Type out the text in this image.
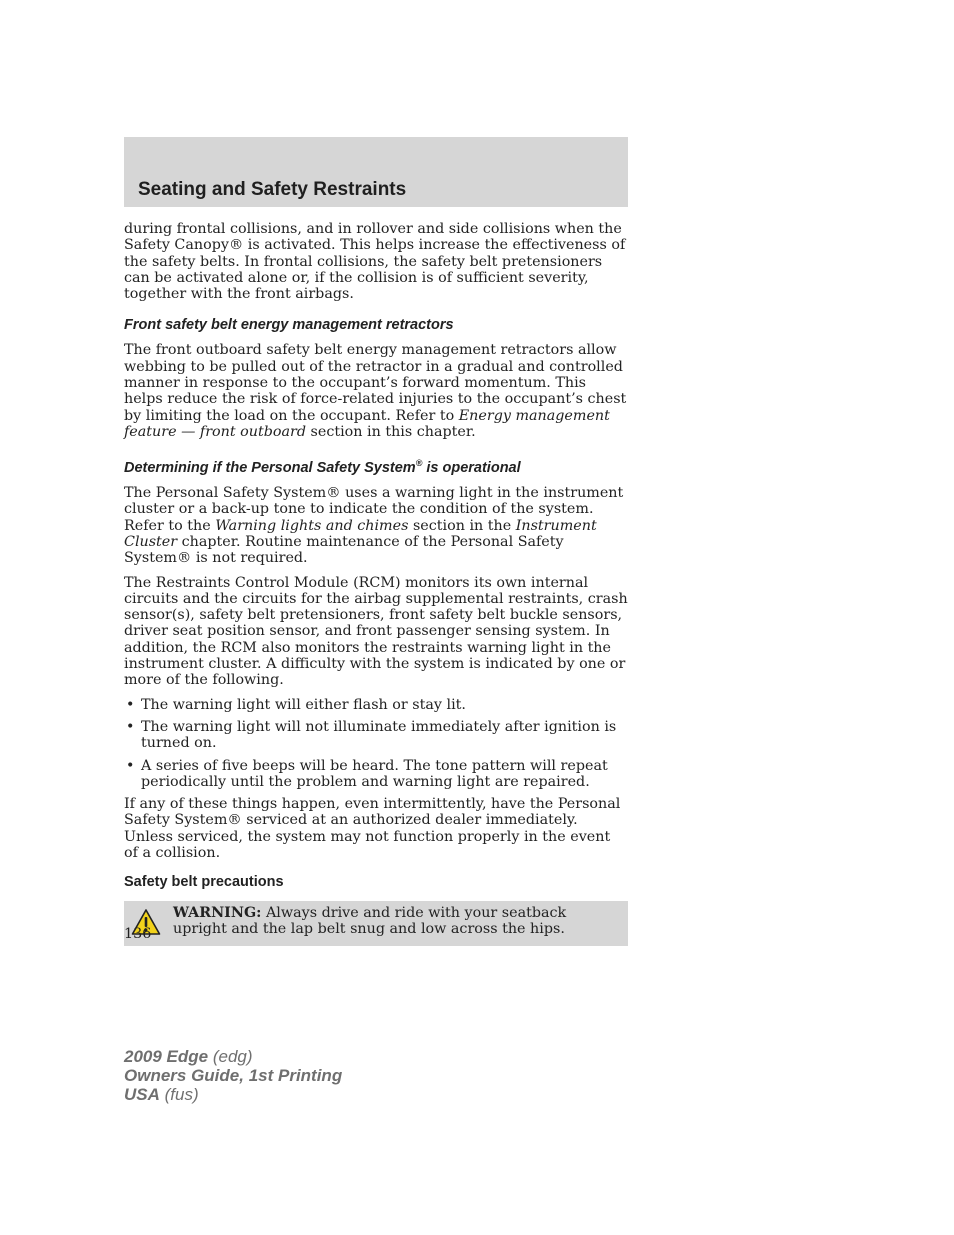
Seating and Safety Restraints

during frontal collisions, and in rollover and side collisions when the Safety Canopy® is activated. This helps increase the effectiveness of the safety belts. In frontal collisions, the safety belt pretensioners can be activated alone or, if the collision is of sufficient severity, together with the front airbags.

Front safety belt energy management retractors

The front outboard safety belt energy management retractors allow webbing to be pulled out of the retractor in a gradual and controlled manner in response to the occupant’s forward momentum. This helps reduce the risk of force-related injuries to the occupant’s chest by limiting the load on the occupant. Refer to Energy management feature — front outboard section in this chapter.

Determining if the Personal Safety System® is operational

The Personal Safety System® uses a warning light in the instrument cluster or a back-up tone to indicate the condition of the system. Refer to the Warning lights and chimes section in the Instrument Cluster chapter. Routine maintenance of the Personal Safety System® is not required.

The Restraints Control Module (RCM) monitors its own internal circuits and the circuits for the airbag supplemental restraints, crash sensor(s), safety belt pretensioners, front safety belt buckle sensors, driver seat position sensor, and front passenger sensing system. In addition, the RCM also monitors the restraints warning light in the instrument cluster. A difficulty with the system is indicated by one or more of the following.

• The warning light will either flash or stay lit.
• The warning light will not illuminate immediately after ignition is turned on.
• A series of five beeps will be heard. The tone pattern will repeat periodically until the problem and warning light are repaired.

If any of these things happen, even intermittently, have the Personal Safety System® serviced at an authorized dealer immediately. Unless serviced, the system may not function properly in the event of a collision.

Safety belt precautions
WARNING: Always drive and ride with your seatback upright and the lap belt snug and low across the hips.
136
2009 Edge (edg)
Owners Guide, 1st Printing
USA (fus)
